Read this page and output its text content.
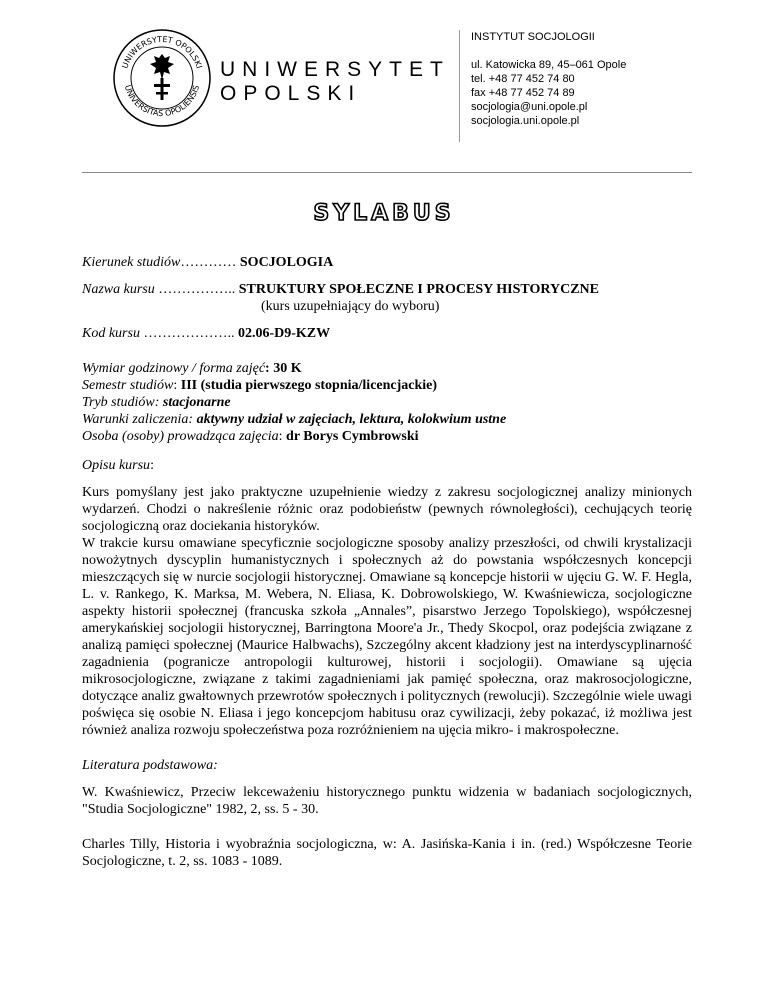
UNIWERSYTET OPOLSKI
UNIVERSITAS OPOLIENSIS
UNIWERSYTET
OPOLSKI
INSTYTUT SOCJOLOGII
ul. Katowicka 89, 45–061 Opole
tel. +48 77 452 74 80
fax +48 77 452 74 89
socjologia@uni.opole.pl
socjologia.uni.opole.pl
SYLABUS

Kierunek studiów………… SOCJOLOGIA

Nazwa kursu …………….. STRUKTURY SPOŁECZNE I PROCESY HISTORYCZNE

(kurs uzupełniający do wyboru)

Kod kursu ……………….. 02.06-D9-KZW

Wymiar godzinowy / forma zajęć: 30 K

Semestr studiów: III (studia pierwszego stopnia/licencjackie)

Tryb studiów: stacjonarne

Warunki zaliczenia: aktywny udział w zajęciach, lektura, kolokwium ustne

Osoba (osoby) prowadząca zajęcia: dr Borys Cymbrowski

Opisu kursu:

Kurs pomyślany jest jako praktyczne uzupełnienie wiedzy z zakresu socjologicznej analizy minionych wydarzeń. Chodzi o nakreślenie różnic oraz podobieństw (pewnych równoległości), cechujących teorię socjologiczną oraz dociekania historyków.

W trakcie kursu omawiane specyficznie socjologiczne sposoby analizy przeszłości, od chwili krystalizacji nowożytnych dyscyplin humanistycznych i społecznych aż do powstania współczesnych koncepcji mieszczących się w nurcie socjologii historycznej. Omawiane są koncepcje historii w ujęciu G. W. F. Hegla, L. v. Rankego, K. Marksa, M. Webera, N. Eliasa, K. Dobrowolskiego, W. Kwaśniewicza, socjologiczne aspekty historii społecznej (francuska szkoła „Annales”, pisarstwo Jerzego Topolskiego), współczesnej amerykańskiej socjologii historycznej, Barringtona Moore'a Jr., Thedy Skocpol, oraz podejścia związane z analizą pamięci społecznej (Maurice Halbwachs), Szczególny akcent kładziony jest na interdyscyplinarność zagadnienia (pogranicze antropologii kulturowej, historii i socjologii). Omawiane są ujęcia mikrosocjologiczne, związane z takimi zagadnieniami jak pamięć społeczna, oraz makrosocjologiczne, dotyczące analiz gwałtownych przewrotów społecznych i politycznych (rewolucji). Szczególnie wiele uwagi poświęca się osobie N. Eliasa i jego koncepcjom habitusu oraz cywilizacji, żeby pokazać, iż możliwa jest również analiza rozwoju społeczeństwa poza rozróżnieniem na ujęcia mikro- i makrospołeczne.

Literatura podstawowa:

W. Kwaśniewicz, Przeciw lekceważeniu historycznego punktu widzenia w badaniach socjologicznych, "Studia Socjologiczne" 1982, 2, ss. 5 - 30.

Charles Tilly, Historia i wyobraźnia socjologiczna, w: A. Jasińska-Kania i in. (red.) Współczesne Teorie Socjologiczne, t. 2, ss. 1083 - 1089.
